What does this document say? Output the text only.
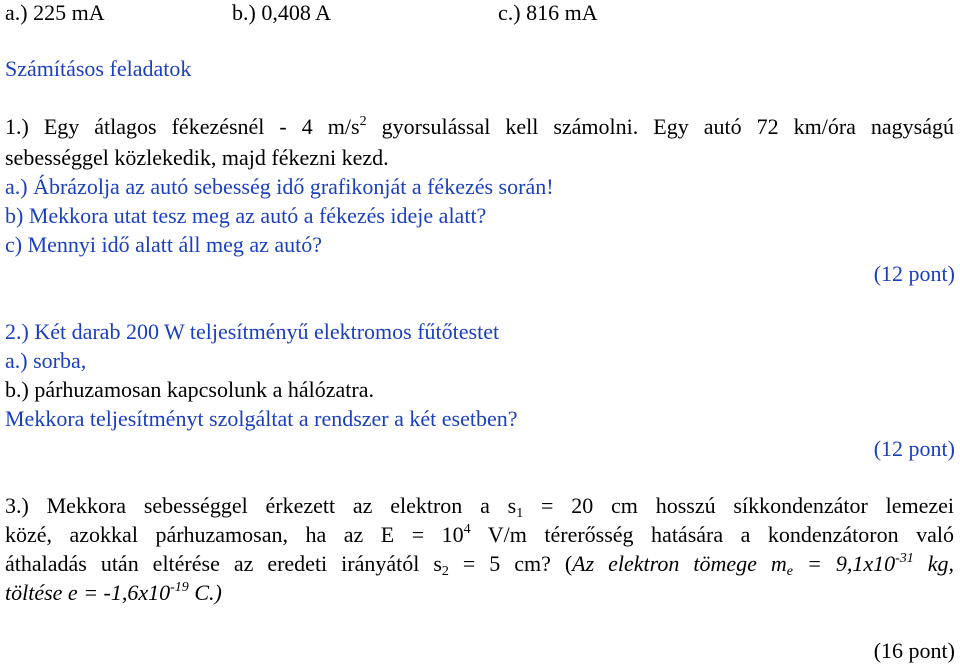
a.) 225 mA	b.) 0,408 A	c.) 816 mA
Számításos feladatok
1.) Egy átlagos fékezésnél - 4 $m/s^2$ gyorsulással kell számolni. Egy autó 72 km/óra nagyságú
sebességgel közlekedik, majd fékezni kezd.
a.) Ábrázolja az autó sebesség idő grafikonját a fékezés során!
b) Mekkora utat tesz meg az autó a fékezés ideje alatt?
c) Mennyi idő alatt áll meg az autó?
(12 pont)
2.) Két darab 200 W teljesítményű elektromos fűtőtestet
a.) sorba,
b.) párhuzamosan kapcsolunk a hálózatra.
Mekkora teljesítményt szolgáltat a rendszer a két esetben?
(12 pont)
3.) Mekkora sebességgel érkezett az elektron a $s_1 = 20$ cm hosszú síkkondenzátor lemezei
közé, azokkal párhuzamosan, ha az $E = 10^4$ V/m térerősség hatására a kondenzátoron való
áthaladás után eltérése az eredeti irányától $s_2 = 5$ cm? (Az elektron tömege $m_e = 9,1x10^{-31}$ kg,
töltése $e = -1,6x10^{-19}$ C.)
(16 pont)
